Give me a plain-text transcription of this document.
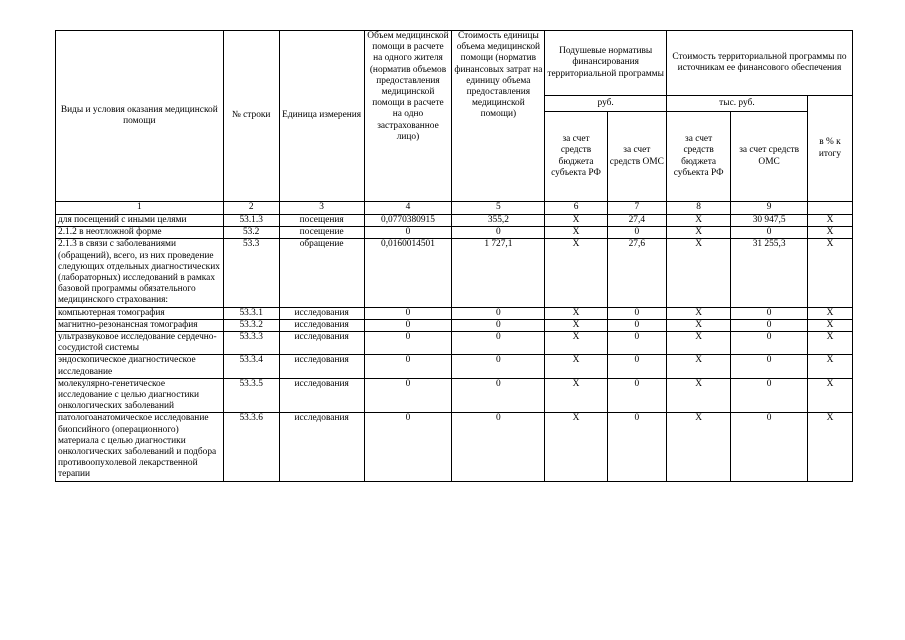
Виды и условия оказания медицинской помощи	№ строки	Единица измерения	Объем медицинской помощи в расчете на одного жителя (норматив объемов предоставления медицинской помощи в расчете на одно застрахованное лицо)	Стоимость единицы объема медицинской помощи (норматив финансовых затрат на единицу объема предоставления медицинской помощи)	Подушевые нормативы финансирования территориальной программы		Стоимость территориальной программы по источникам ее финансового обеспечения		
					руб.		тыс. руб.		в % к итогу
					за счет средств бюджета субъекта РФ	за счет средств ОМС	за счет средств бюджета субъекта РФ	за счет средств ОМС	
1	2	3	4	5	6	7	8	9	
для посещений с иными целями	53.1.3	посещения	0,0770380915	355,2	X	27,4	X	30 947,5	X
2.1.2 в неотложной форме	53.2	посещение	0	0	X	0	X	0	X
2.1.3 в связи с заболеваниями (обращений), всего, из них проведение следующих отдельных диагностических (лабораторных) исследований в рамках базовой программы обязательного медицинского страхования:	53.3	обращение	0,0160014501	1 727,1	X	27,6	X	31 255,3	X
компьютерная томография	53.3.1	исследования	0	0	X	0	X	0	X
магнитно-резонансная томография	53.3.2	исследования	0	0	X	0	X	0	X
ультразвуковое исследование сердечно-сосудистой системы	53.3.3	исследования	0	0	X	0	X	0	X
эндоскопическое диагностическое исследование	53.3.4	исследования	0	0	X	0	X	0	X
молекулярно-генетическое исследование с целью диагностики онкологических заболеваний	53.3.5	исследования	0	0	X	0	X	0	X
патологоанатомическое исследование биопсийного (операционного) материала с целью диагностики онкологических заболеваний и подбора противоопухолевой лекарственной терапии	53.3.6	исследования	0	0	X	0	X	0	X
